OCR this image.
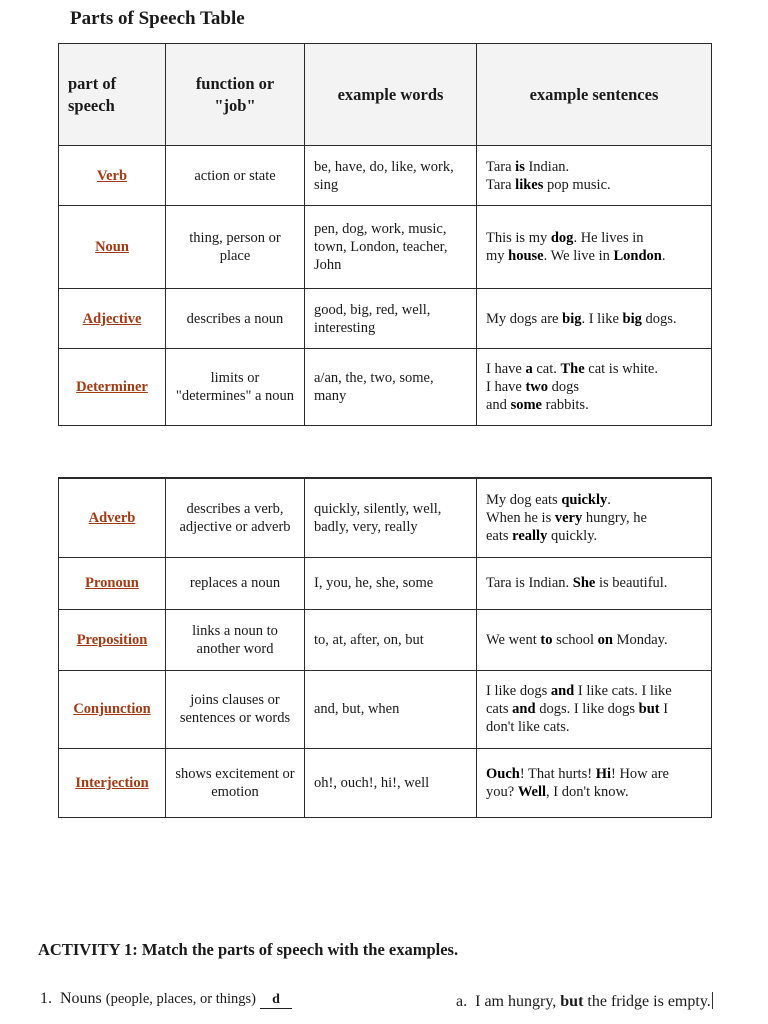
Parts of Speech Table
part of speech	function or "job"	example words	example sentences
Verb	action or state	be, have, do, like, work, sing	Tara is Indian.
Tara likes pop music.
Noun	thing, person or place	pen, dog, work, music, town, London, teacher, John	This is my dog. He lives in
my house. We live in London.
Adjective	describes a noun	good, big, red, well, interesting	My dogs are big. I like big dogs.
Determiner	limits or "determines" a noun	a/an, the, two, some, many	I have a cat. The cat is white.
I have two dogs
and some rabbits.
Adverb	describes a verb, adjective or adverb	quickly, silently, well, badly, very, really	My dog eats quickly.
When he is very hungry, he
eats really quickly.
Pronoun	replaces a noun	I, you, he, she, some	Tara is Indian. She is beautiful.
Preposition	links a noun to another word	to, at, after, on, but	We went to school on Monday.
Conjunction	joins clauses or sentences or words	and, but, when	I like dogs and I like cats. I like
cats and dogs. I like dogs but I
don't like cats.
Interjection	shows excitement or emotion	oh!, ouch!, hi!, well	Ouch! That hurts! Hi! How are
you? Well, I don't know.
ACTIVITY 1: Match the parts of speech with the examples.
1. Nouns (people, places, or things) d	a. I am hungry, but the fridge is empty.
